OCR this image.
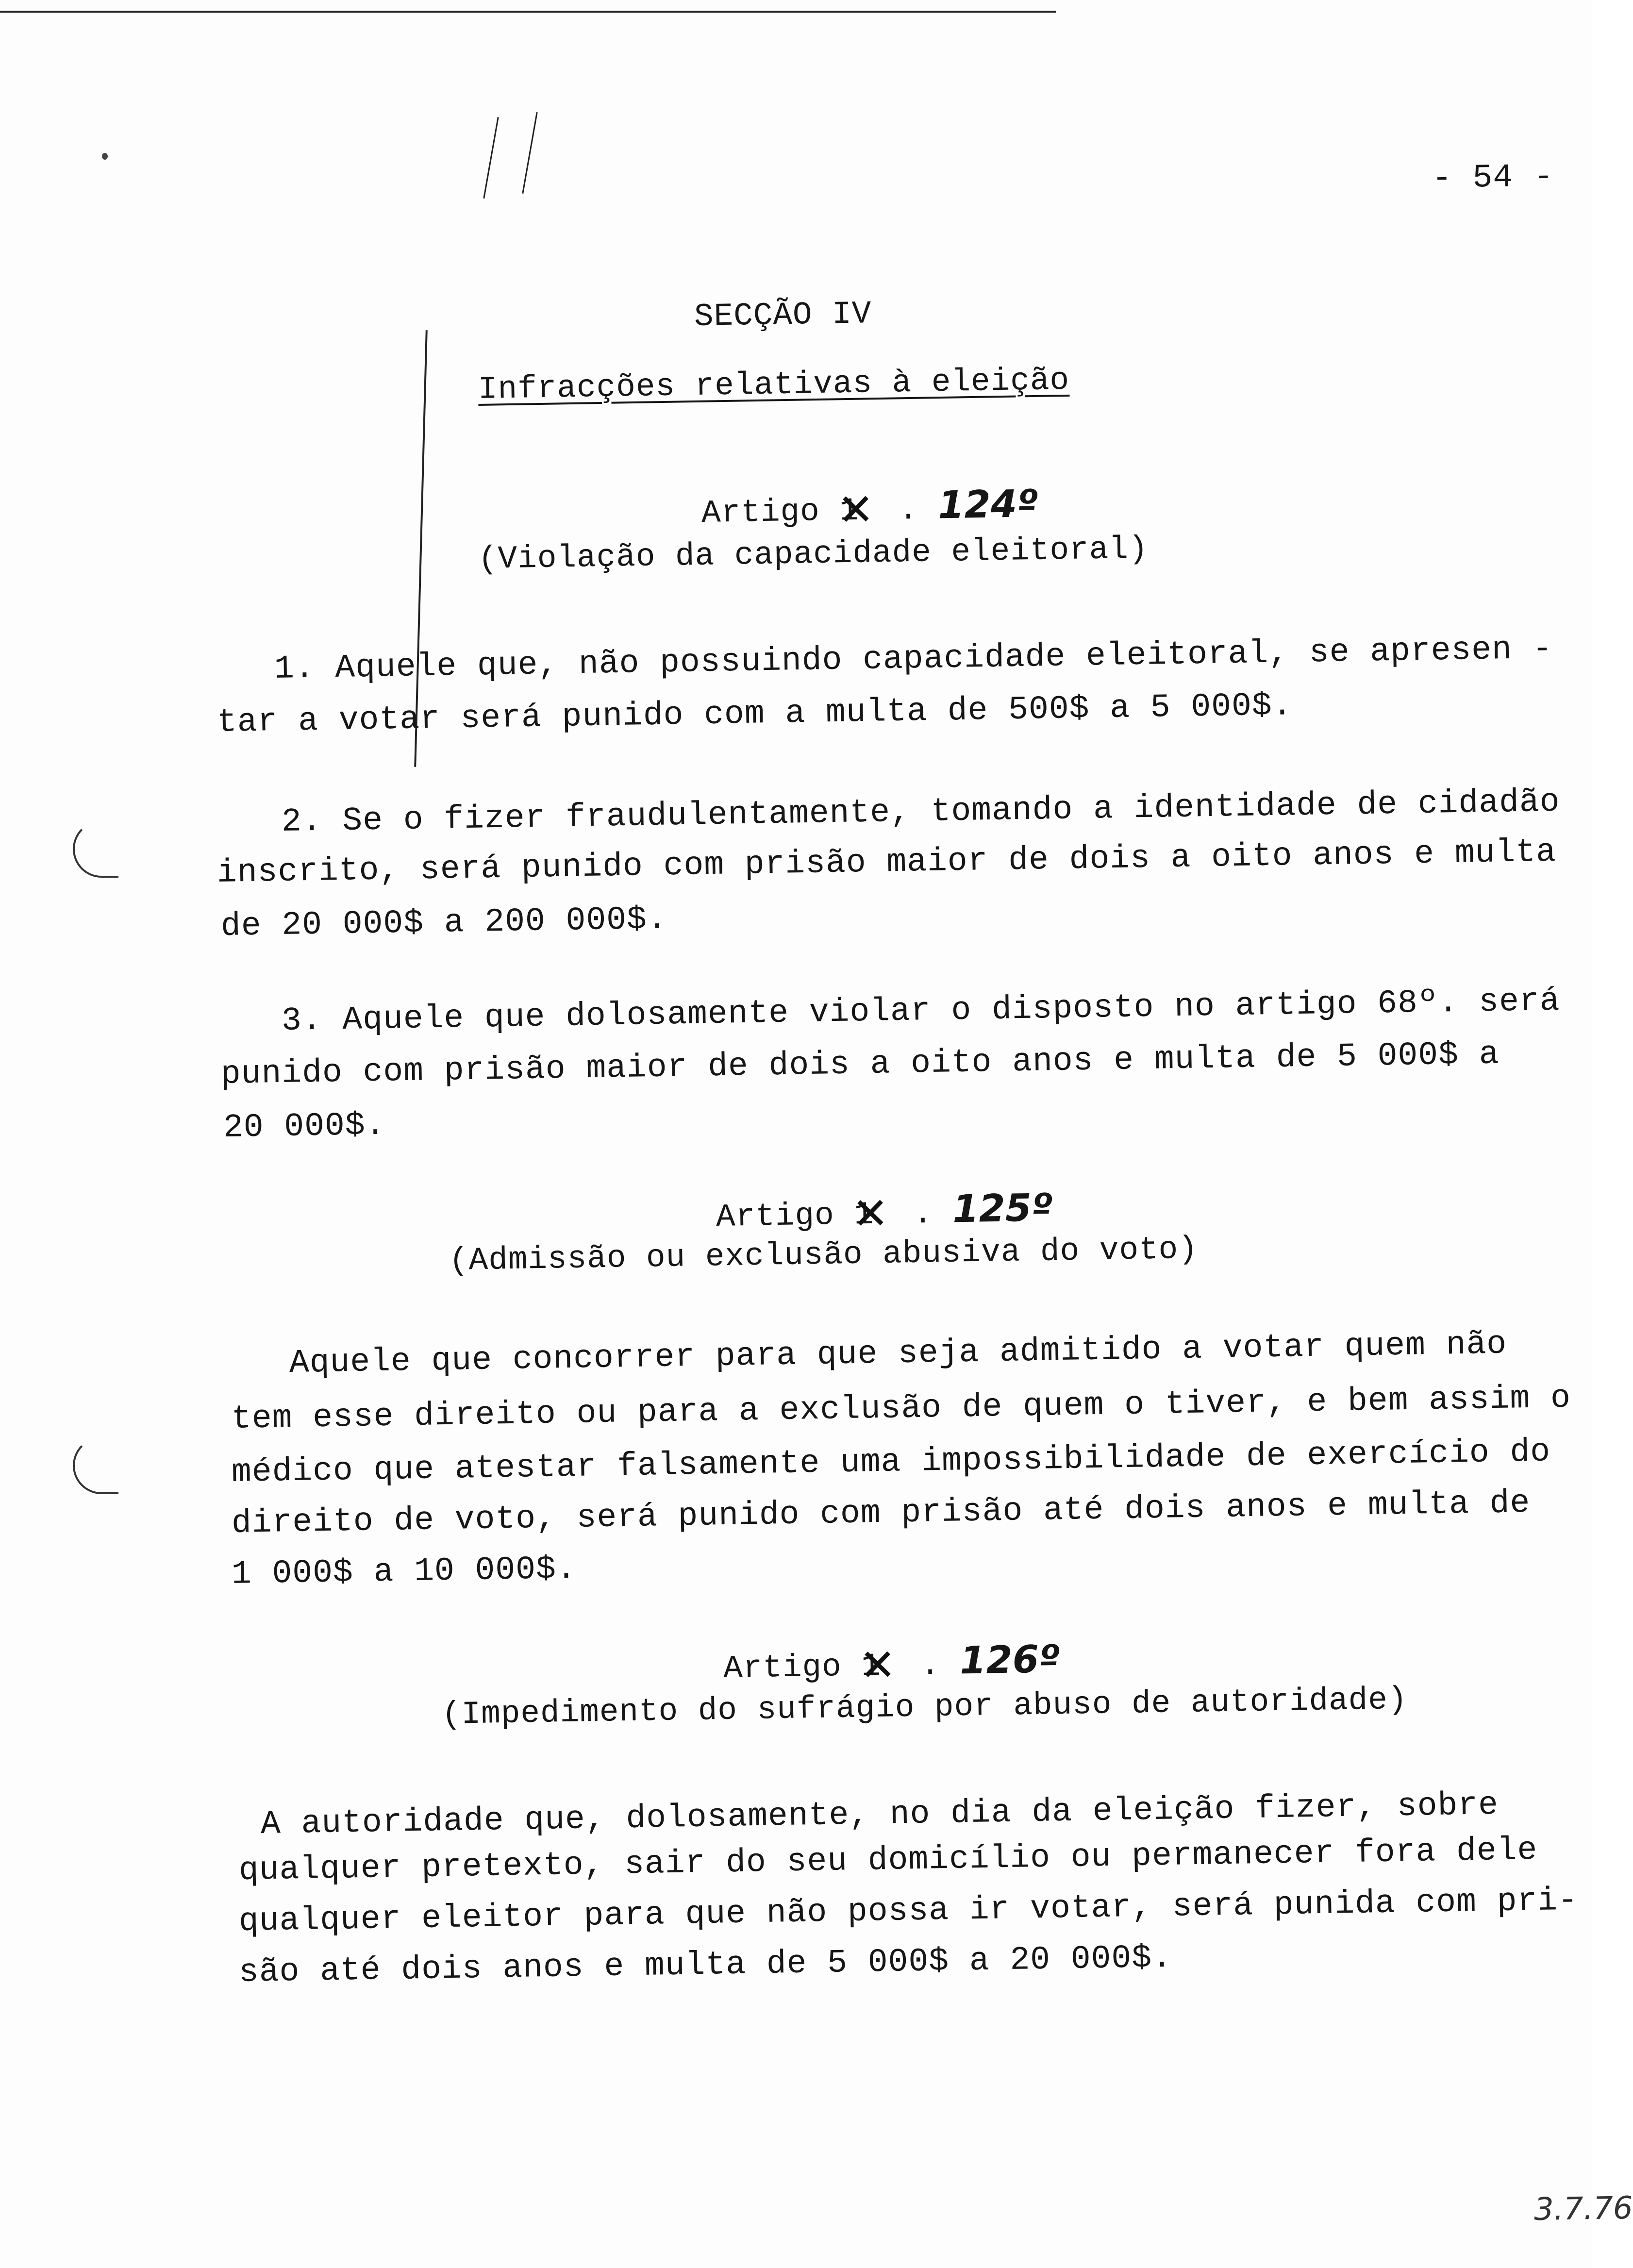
- 54 -
SECÇÃO IV
Infracções relativas à eleição
Artigo 1   ✕. 124º
(Violação da capacidade eleitoral)
1. Aquele que, não possuindo capacidade eleitoral, se apresen -
tar a votar será punido com a multa de 500$ a 5 000$.
2. Se o fizer fraudulentamente, tomando a identidade de cidadão
inscrito, será punido com prisão maior de dois a oito anos e multa
de 20 000$ a 200 000$.
3. Aquele que dolosamente violar o disposto no artigo 68º. será
punido com prisão maior de dois a oito anos e multa de 5 000$ a
20 000$.
Artigo 1   ✕. 125º
(Admissão ou exclusão abusiva do voto)
Aquele que concorrer para que seja admitido a votar quem não
tem esse direito ou para a exclusão de quem o tiver, e bem assim o
médico que atestar falsamente uma impossibilidade de exercício do
direito de voto, será punido com prisão até dois anos e multa de
1 000$ a 10 000$.
Artigo 1   ✕. 126º
(Impedimento do sufrágio por abuso de autoridade)
A autoridade que, dolosamente, no dia da eleição fizer, sobre
qualquer pretexto, sair do seu domicílio ou permanecer fora dele
qualquer eleitor para que não possa ir votar, será punida com pri-
são até dois anos e multa de 5 000$ a 20 000$.
3.7.76
